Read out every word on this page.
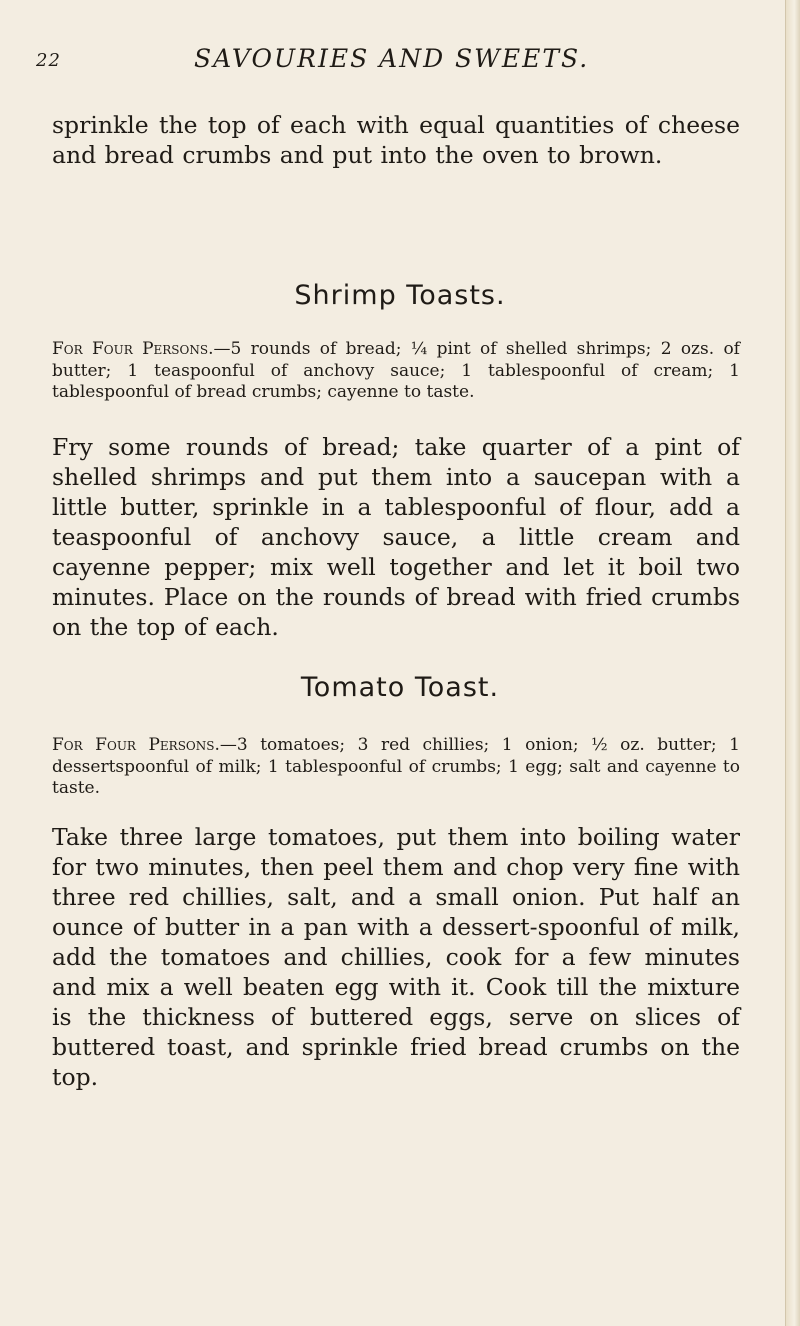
22	SAVOURIES AND SWEETS.

sprinkle the top of each with equal quantities of cheese and bread crumbs and put into the oven to brown.

Shrimp Toasts.

For Four Persons.—5 rounds of bread; ¼ pint of shelled shrimps; 2 ozs. of butter; 1 teaspoonful of anchovy sauce; 1 tablespoonful of cream; 1 tablespoonful of bread crumbs; cayenne to taste.

Fry some rounds of bread; take quarter of a pint of shelled shrimps and put them into a saucepan with a little butter, sprinkle in a tablespoonful of flour, add a teaspoonful of anchovy sauce, a little cream and cayenne pepper; mix well together and let it boil two minutes. Place on the rounds of bread with fried crumbs on the top of each.

Tomato Toast.

For Four Persons.—3 tomatoes; 3 red chillies; 1 onion; ½ oz. butter; 1 dessertspoonful of milk; 1 tablespoonful of crumbs; 1 egg; salt and cayenne to taste.

Take three large tomatoes, put them into boiling water for two minutes, then peel them and chop very fine with three red chillies, salt, and a small onion. Put half an ounce of butter in a pan with a dessert-spoonful of milk, add the tomatoes and chillies, cook for a few minutes and mix a well beaten egg with it. Cook till the mixture is the thickness of buttered eggs, serve on slices of buttered toast, and sprinkle fried bread crumbs on the top.
